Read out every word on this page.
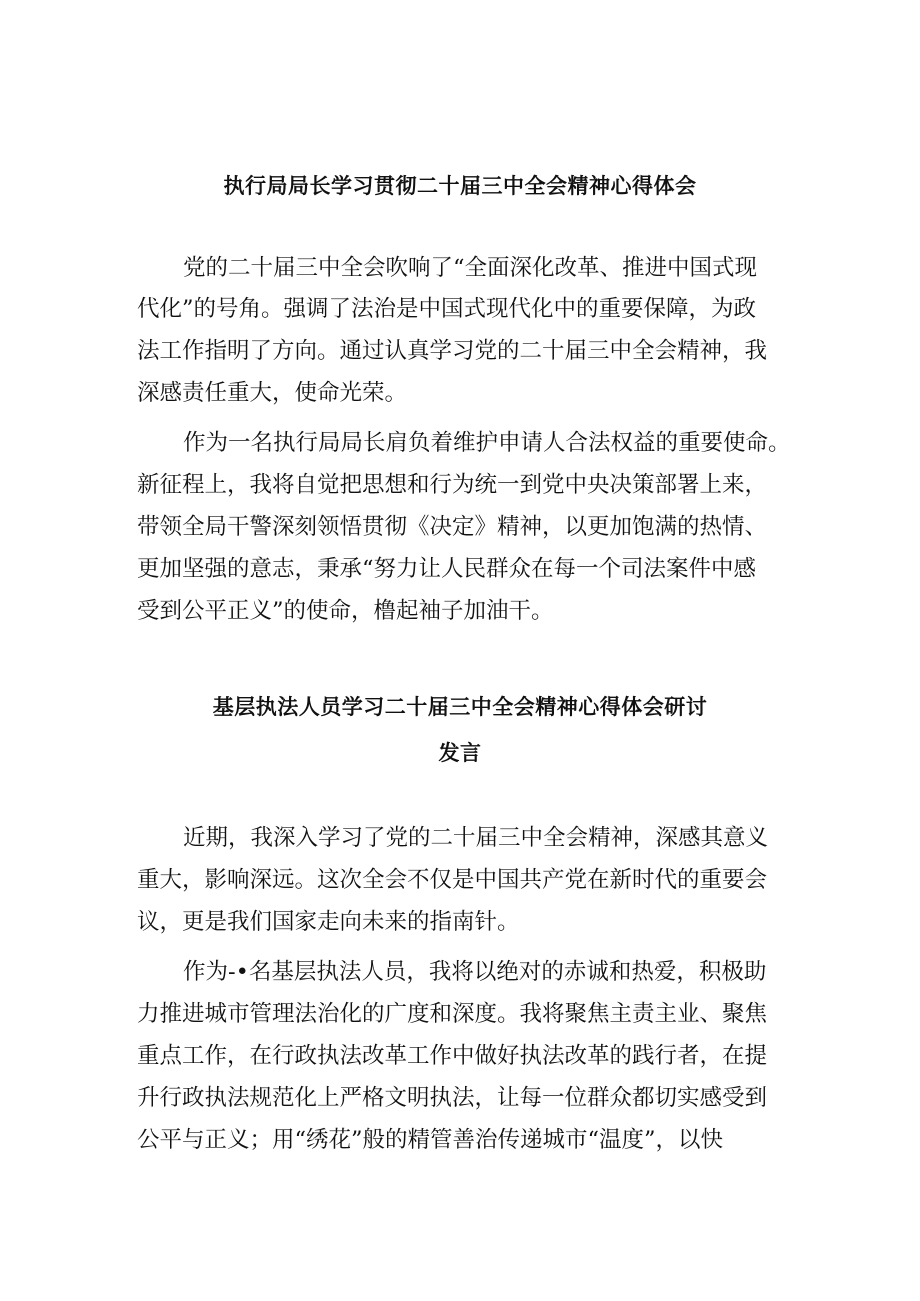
执行局局长学习贯彻二十届三中全会精神心得体会

党的二十届三中全会吹响了“全面深化改革、推进中国式现

代化”的号角。强调了法治是中国式现代化中的重要保障，为政

法工作指明了方向。通过认真学习党的二十届三中全会精神，我

深感责任重大，使命光荣。

作为一名执行局局长肩负着维护申请人合法权益的重要使命。

新征程上，我将自觉把思想和行为统一到党中央决策部署上来，

带领全局干警深刻领悟贯彻《决定》精神，以更加饱满的热情、

更加坚强的意志，秉承“努力让人民群众在每一个司法案件中感

受到公平正义”的使命，橹起袖子加油干。

基层执法人员学习二十届三中全会精神心得体会研讨
发言

近期，我深入学习了党的二十届三中全会精神，深感其意义

重大，影响深远。这次全会不仅是中国共产党在新时代的重要会

议，更是我们国家走向未来的指南针。

作为-•名基层执法人员，我将以绝对的赤诚和热爱，积极助

力推进城市管理法治化的广度和深度。我将聚焦主责主业、聚焦

重点工作，在行政执法改革工作中做好执法改革的践行者，在提

升行政执法规范化上严格文明执法，让每一位群众都切实感受到

公平与正义；用“绣花”般的精管善治传递城市“温度”，以快
